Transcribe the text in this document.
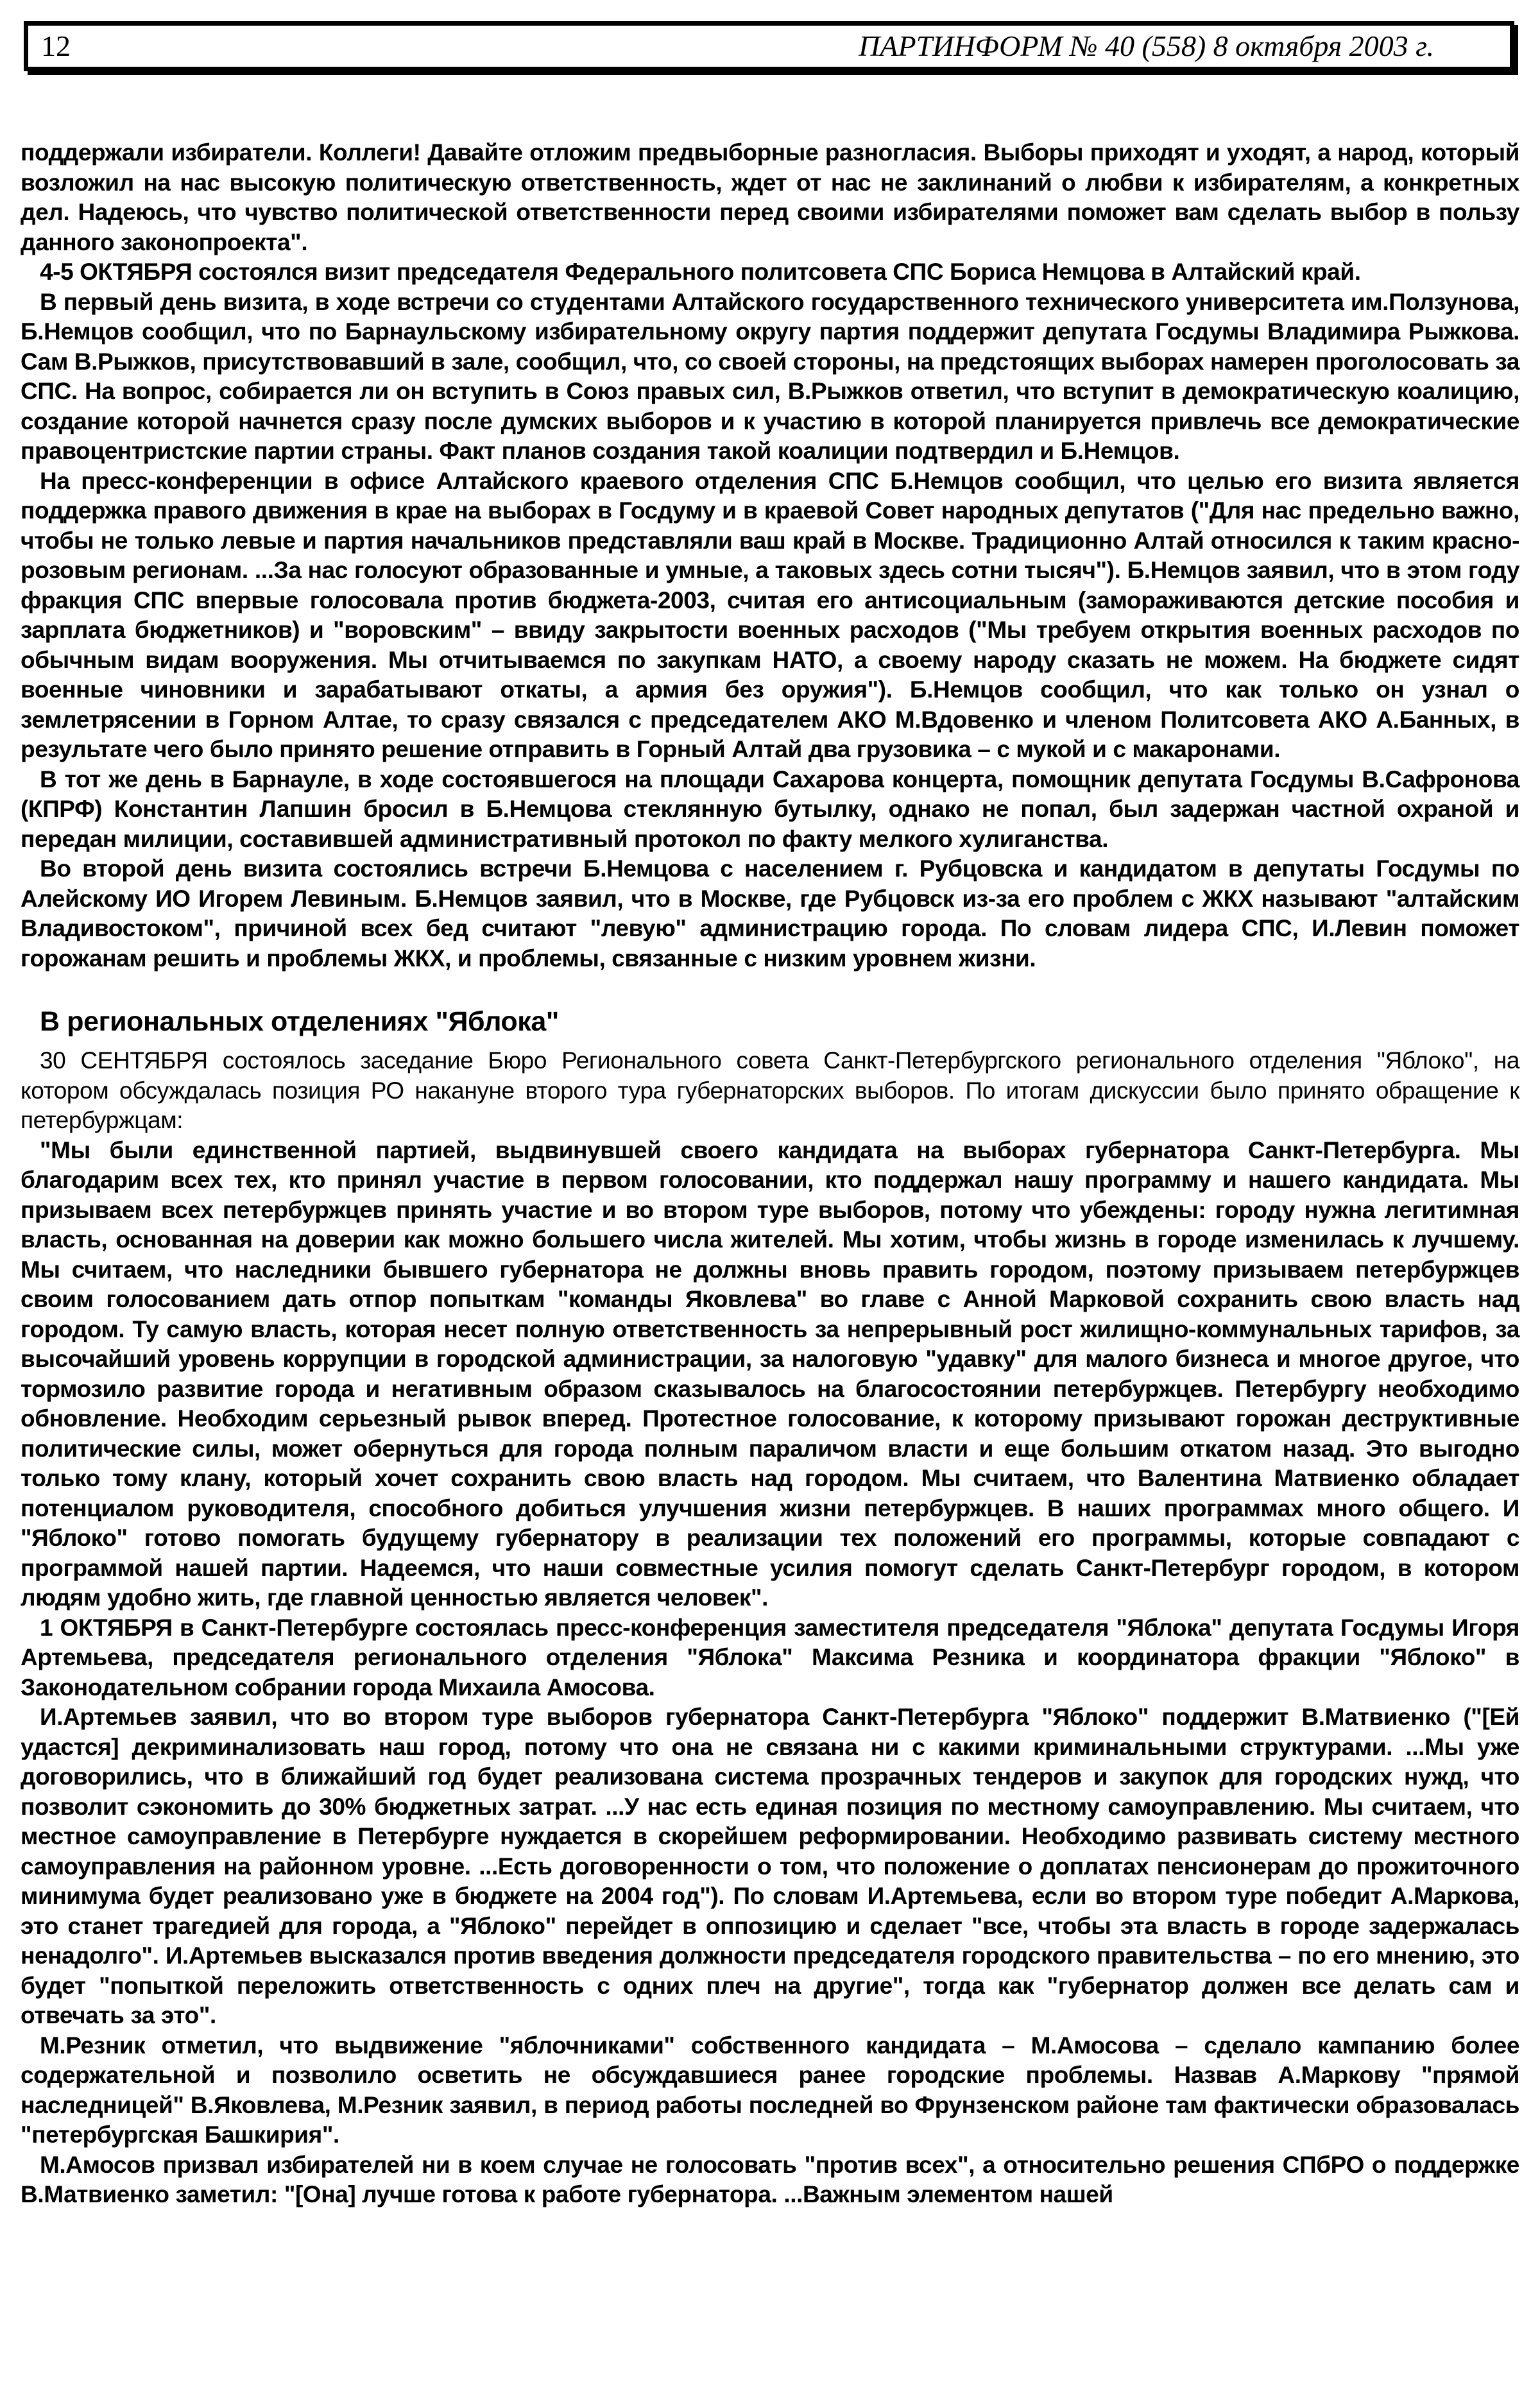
12	ПАРТИНФОРМ № 40 (558) 8 октября 2003 г.

поддержали избиратели. Коллеги! Давайте отложим предвыборные разногласия. Выборы приходят и уходят, а народ, который возложил на нас высокую политическую ответственность, ждет от нас не заклинаний о любви к избирателям, а конкретных дел. Надеюсь, что чувство политической ответственности перед своими избирателями поможет вам сделать выбор в пользу данного законопроекта".

4-5 ОКТЯБРЯ состоялся визит председателя Федерального политсовета СПС Бориса Немцова в Алтайский край.

В первый день визита, в ходе встречи со студентами Алтайского государственного технического университета им.Ползунова, Б.Немцов сообщил, что по Барнаульскому избирательному округу партия поддержит депутата Госдумы Владимира Рыжкова. Сам В.Рыжков, присутствовавший в зале, сообщил, что, со своей стороны, на предстоящих выборах намерен проголосовать за СПС. На вопрос, собирается ли он вступить в Союз правых сил, В.Рыжков ответил, что вступит в демократическую коалицию, создание которой начнется сразу после думских выборов и к участию в которой планируется привлечь все демократические правоцентристские партии страны. Факт планов создания такой коалиции подтвердил и Б.Немцов.

На пресс-конференции в офисе Алтайского краевого отделения СПС Б.Немцов сообщил, что целью его визита является поддержка правого движения в крае на выборах в Госдуму и в краевой Совет народных депутатов ("Для нас предельно важно, чтобы не только левые и партия начальников представляли ваш край в Москве. Традиционно Алтай относился к таким красно-розовым регионам. ...За нас голосуют образованные и умные, а таковых здесь сотни тысяч"). Б.Немцов заявил, что в этом году фракция СПС впервые голосовала против бюджета-2003, считая его антисоциальным (замораживаются детские пособия и зарплата бюджетников) и "воровским" – ввиду закрытости военных расходов ("Мы требуем открытия военных расходов по обычным видам вооружения. Мы отчитываемся по закупкам НАТО, а своему народу сказать не можем. На бюджете сидят военные чиновники и зарабатывают откаты, а армия без оружия"). Б.Немцов сообщил, что как только он узнал о землетрясении в Горном Алтае, то сразу связался с председателем АКО М.Вдовенко и членом Политсовета АКО А.Банных, в результате чего было принято решение отправить в Горный Алтай два грузовика – с мукой и с макаронами.

В тот же день в Барнауле, в ходе состоявшегося на площади Сахарова концерта, помощник депутата Госдумы В.Сафронова (КПРФ) Константин Лапшин бросил в Б.Немцова стеклянную бутылку, однако не попал, был задержан частной охраной и передан милиции, составившей административный протокол по факту мелкого хулиганства.

Во второй день визита состоялись встречи Б.Немцова с населением г. Рубцовска и кандидатом в депутаты Госдумы по Алейскому ИО Игорем Левиным. Б.Немцов заявил, что в Москве, где Рубцовск из-за его проблем с ЖКХ называют "алтайским Владивостоком", причиной всех бед считают "левую" администрацию города. По словам лидера СПС, И.Левин поможет горожанам решить и проблемы ЖКХ, и проблемы, связанные с низким уровнем жизни.

В региональных отделениях "Яблока"

30 СЕНТЯБРЯ состоялось заседание Бюро Регионального совета Санкт-Петербургского регионального отделения "Яблоко", на котором обсуждалась позиция РО накануне второго тура губернаторских выборов. По итогам дискуссии было принято обращение к петербуржцам:

"Мы были единственной партией, выдвинувшей своего кандидата на выборах губернатора Санкт-Петербурга. Мы благодарим всех тех, кто принял участие в первом голосовании, кто поддержал нашу программу и нашего кандидата. Мы призываем всех петербуржцев принять участие и во втором туре выборов, потому что убеждены: городу нужна легитимная власть, основанная на доверии как можно большего числа жителей. Мы хотим, чтобы жизнь в городе изменилась к лучшему. Мы считаем, что наследники бывшего губернатора не должны вновь править городом, поэтому призываем петербуржцев своим голосованием дать отпор попыткам "команды Яковлева" во главе с Анной Марковой сохранить свою власть над городом. Ту самую власть, которая несет полную ответственность за непрерывный рост жилищно-коммунальных тарифов, за высочайший уровень коррупции в городской администрации, за налоговую "удавку" для малого бизнеса и многое другое, что тормозило развитие города и негативным образом сказывалось на благосостоянии петербуржцев. Петербургу необходимо обновление. Необходим серьезный рывок вперед. Протестное голосование, к которому призывают горожан деструктивные политические силы, может обернуться для города полным параличом власти и еще большим откатом назад. Это выгодно только тому клану, который хочет сохранить свою власть над городом. Мы считаем, что Валентина Матвиенко обладает потенциалом руководителя, способного добиться улучшения жизни петербуржцев. В наших программах много общего. И "Яблоко" готово помогать будущему губернатору в реализации тех положений его программы, которые совпадают с программой нашей партии. Надеемся, что наши совместные усилия помогут сделать Санкт-Петербург городом, в котором людям удобно жить, где главной ценностью является человек".

1 ОКТЯБРЯ в Санкт-Петербурге состоялась пресс-конференция заместителя председателя "Яблока" депутата Госдумы Игоря Артемьева, председателя регионального отделения "Яблока" Максима Резника и координатора фракции "Яблоко" в Законодательном собрании города Михаила Амосова.

И.Артемьев заявил, что во втором туре выборов губернатора Санкт-Петербурга "Яблоко" поддержит В.Матвиенко ("[Ей удастся] декриминализовать наш город, потому что она не связана ни с какими криминальными структурами. ...Мы уже договорились, что в ближайший год будет реализована система прозрачных тендеров и закупок для городских нужд, что позволит сэкономить до 30% бюджетных затрат. ...У нас есть единая позиция по местному самоуправлению. Мы считаем, что местное самоуправление в Петербурге нуждается в скорейшем реформировании. Необходимо развивать систему местного самоуправления на районном уровне. ...Есть договоренности о том, что положение о доплатах пенсионерам до прожиточного минимума будет реализовано уже в бюджете на 2004 год"). По словам И.Артемьева, если во втором туре победит А.Маркова, это станет трагедией для города, а "Яблоко" перейдет в оппозицию и сделает "все, чтобы эта власть в городе задержалась ненадолго". И.Артемьев высказался против введения должности председателя городского правительства – по его мнению, это будет "попыткой переложить ответственность с одних плеч на другие", тогда как "губернатор должен все делать сам и отвечать за это".

М.Резник отметил, что выдвижение "яблочниками" собственного кандидата – М.Амосова – сделало кампанию более содержательной и позволило осветить не обсуждавшиеся ранее городские проблемы. Назвав А.Маркову "прямой наследницей" В.Яковлева, М.Резник заявил, в период работы последней во Фрунзенском районе там фактически образовалась "петербургская Башкирия".

М.Амосов призвал избирателей ни в коем случае не голосовать "против всех", а относительно решения СПбРО о поддержке В.Матвиенко заметил: "[Она] лучше готова к работе губернатора. ...Важным элементом нашей
